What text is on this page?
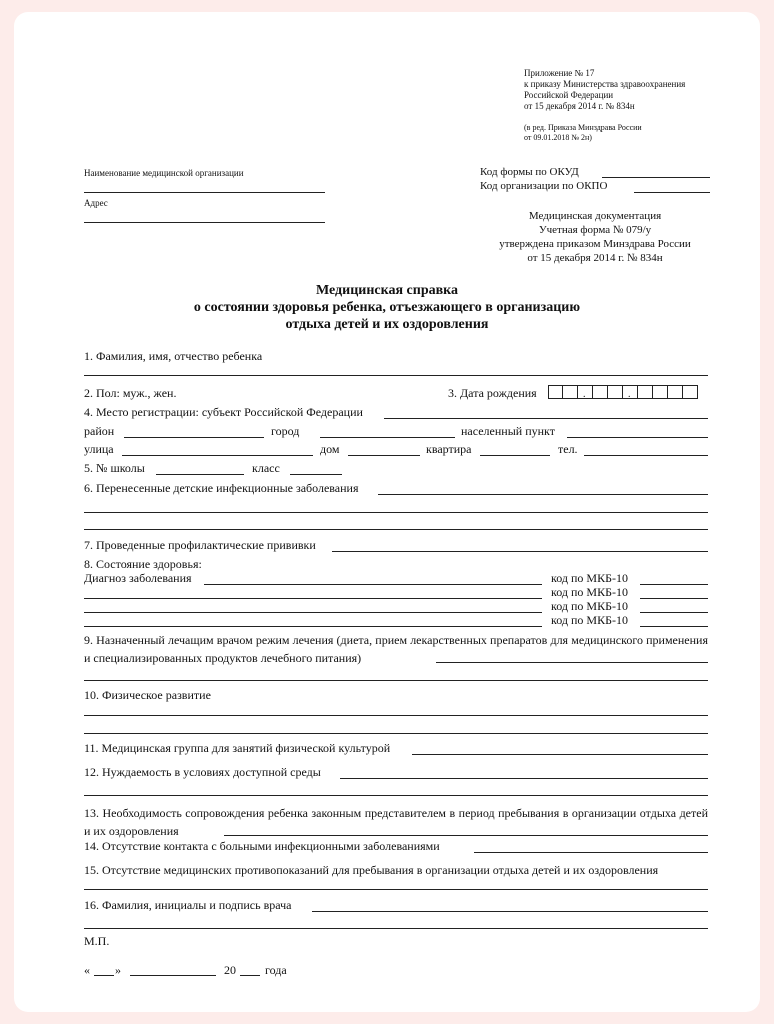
Приложение № 17
к приказу Министерства здравоохранения
Российской Федерации
от 15 декабря 2014 г. № 834н
(в ред. Приказа Минздрава России
от 09.01.2018 № 2н)
Наименование медицинской организации
Адрес
Код формы по ОКУД
Код организации по ОКПО
Медицинская документация
Учетная форма № 079/у
утверждена приказом Минздрава России
от 15 декабря 2014 г. № 834н
Медицинская справка
о состоянии здоровья ребенка, отъезжающего в организацию
отдыха детей и их оздоровления
1. Фамилия, имя, отчество ребенка
2. Пол: муж., жен.	3. Дата рождения	.	.
4. Место регистрации: субъект Российской Федерации
район	город	населенный пункт
улица	дом	квартира	тел.
5. № школы	класс
6. Перенесенные детские инфекционные заболевания
7. Проведенные профилактические прививки
8. Состояние здоровья:
Диагноз заболевания	код по МКБ-10
код по МКБ-10
код по МКБ-10
код по МКБ-10
9. Назначенный лечащим врачом режим лечения (диета, прием лекарственных препаратов для медицинского применения и специализированных продуктов лечебного питания)
10. Физическое развитие
11. Медицинская группа для занятий физической культурой
12. Нуждаемость в условиях доступной среды
13. Необходимость сопровождения ребенка законным представителем в период пребывания в организации отдыха детей и их оздоровления
14. Отсутствие контакта с больными инфекционными заболеваниями
15. Отсутствие медицинских противопоказаний для пребывания в организации отдыха детей и их оздоровления
16. Фамилия, инициалы и подпись врача
М.П.
« »	20 года
